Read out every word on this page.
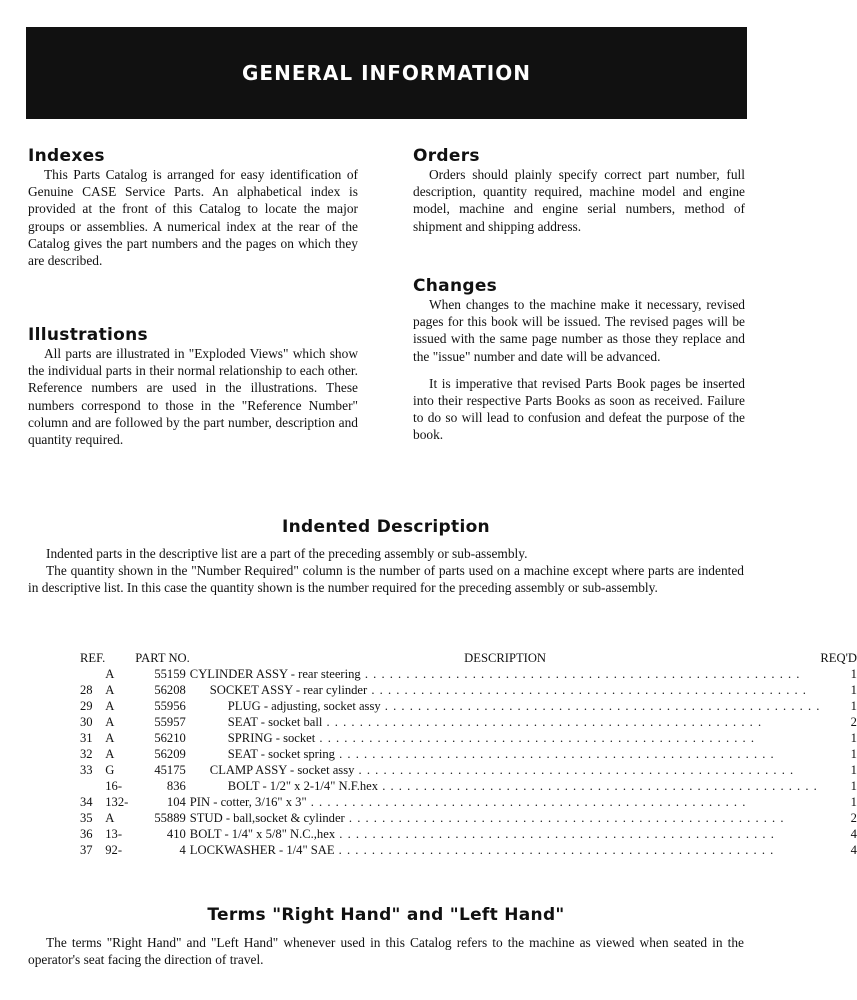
GENERAL INFORMATION
Indexes

This Parts Catalog is arranged for easy identification of Genuine CASE Service Parts. An alphabetical index is provided at the front of this Catalog to locate the major groups or assemblies. A numerical index at the rear of the Catalog gives the part numbers and the pages on which they are described.

Illustrations

All parts are illustrated in "Exploded Views" which show the individual parts in their normal relationship to each other. Reference numbers are used in the illustrations. These numbers correspond to those in the "Reference Number" column and are followed by the part number, description and quantity required.

Orders

Orders should plainly specify correct part number, full description, quantity required, machine model and engine model, machine and engine serial numbers, method of shipment and shipping address.

Changes

When changes to the machine make it necessary, revised pages for this book will be issued. The revised pages will be issued with the same page number as those they replace and the "issue" number and date will be advanced.

It is imperative that revised Parts Book pages be inserted into their respective Parts Books as soon as received. Failure to do so will lead to confusion and defeat the purpose of the book.

Indented Description

Indented parts in the descriptive list are a part of the preceding assembly or sub-assembly.

The quantity shown in the "Number Required" column is the number of parts used on a machine except where parts are indented in descriptive list. In this case the quantity shown is the number required for the preceding assembly or sub-assembly.

REF.	PART NO.		DESCRIPTION	REQ'D
	A	55159		CYLINDER ASSY - rear steering . . .	1
28	A	56208		SOCKET ASSY - rear cylinder . . .	1
29	A	55956		PLUG - adjusting, socket assy . . .	1
30	A	55957		SEAT - socket ball . . .	2
31	A	56210		SPRING - socket . . .	1
32	A	56209		SEAT - socket spring . . .	1
33	G	45175		CLAMP ASSY - socket assy . . .	1
	16-	836		BOLT - 1/2" x 2-1/4" N.F.hex . . .	1
34	132-	104		PIN - cotter, 3/16" x 3" . . .	1
35	A	55889		STUD - ball,socket & cylinder . . .	2
36	13-	410		BOLT - 1/4" x 5/8" N.C.,hex . . .	4
37	92-	4		LOCKWASHER - 1/4" SAE . . .	4
Terms "Right Hand" and "Left Hand"

The terms "Right Hand" and "Left Hand" whenever used in this Catalog refers to the machine as viewed when seated in the operator's seat facing the direction of travel.
